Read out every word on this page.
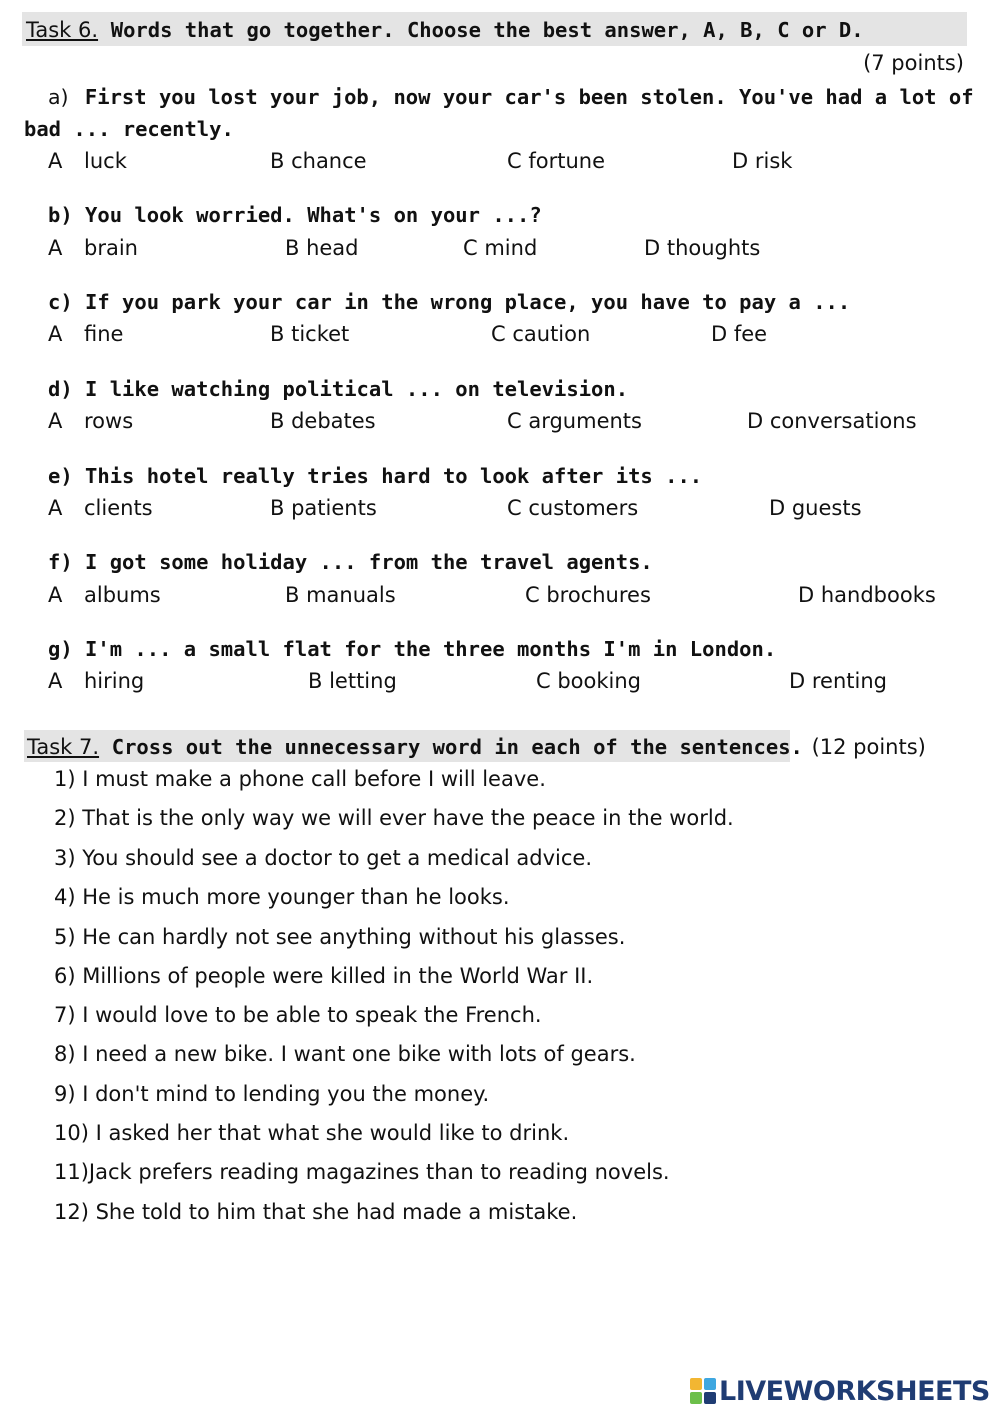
Task 6. Words that go together. Choose the best answer, A, B, C or D.
(7 points)
a) First you lost your job, now your car's been stolen. You've had a lot of
bad ... recently.
A luck	B chance	C fortune	D risk
b) You look worried. What's on your ...?
A brain	B head	C mind	D thoughts
c) If you park your car in the wrong place, you have to pay a ...
A fine	B ticket	C caution	D fee
d) I like watching political ... on television.
A rows	B debates	C arguments	D conversations
e) This hotel really tries hard to look after its ...
A clients	B patients	C customers	D guests
f) I got some holiday ... from the travel agents.
A albums	B manuals	C brochures	D handbooks
g) I'm ... a small flat for the three months I'm in London.
A hiring	B letting	C booking	D renting
Task 7. Cross out the unnecessary word in each of the sentences. (12 points)
1) I must make a phone call before I will leave.
2) That is the only way we will ever have the peace in the world.
3) You should see a doctor to get a medical advice.
4) He is much more younger than he looks.
5) He can hardly not see anything without his glasses.
6) Millions of people were killed in the World War II.
7) I would love to be able to speak the French.
8) I need a new bike. I want one bike with lots of gears.
9) I don't mind to lending you the money.
10) I asked her that what she would like to drink.
11)Jack prefers reading magazines than to reading novels.
12) She told to him that she had made a mistake.
LIVEWORKSHEETS
